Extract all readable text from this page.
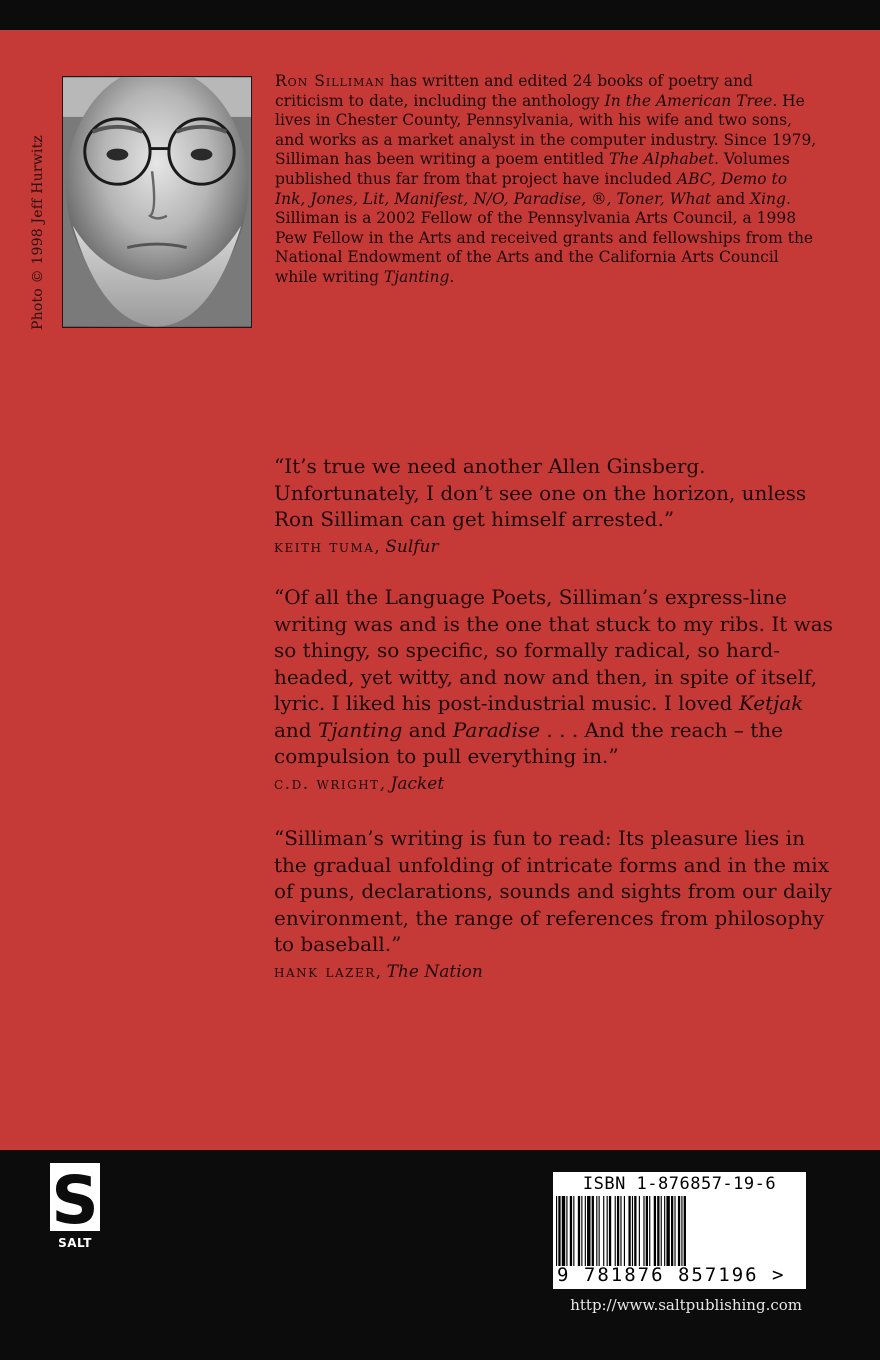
Photo © 1998 Jeff Hurwitz

Ron Silliman has written and edited 24 books of poetry and criticism to date, including the anthology In the American Tree. He lives in Chester County, Pennsylvania, with his wife and two sons, and works as a market analyst in the computer industry. Since 1979, Silliman has been writing a poem entitled The Alphabet. Volumes published thus far from that project have included ABC, Demo to Ink, Jones, Lit, Manifest, N/O, Paradise, ®, Toner, What and Xing. Silliman is a 2002 Fellow of the Pennsylvania Arts Council, a 1998 Pew Fellow in the Arts and received grants and fellowships from the National Endowment of the Arts and the California Arts Council while writing Tjanting.

“It’s true we need another Allen Ginsberg. Unfortunately, I don’t see one on the horizon, unless Ron Silliman can get himself arrested.”

keith tuma, Sulfur

“Of all the Language Poets, Silliman’s express-line writing was and is the one that stuck to my ribs. It was so thingy, so specific, so formally radical, so hard-headed, yet witty, and now and then, in spite of itself, lyric. I liked his post-industrial music. I loved Ketjak and Tjanting and Paradise . . . And the reach – the compulsion to pull everything in.”

c.d. wright, Jacket

“Silliman’s writing is fun to read: Its pleasure lies in the gradual unfolding of intricate forms and in the mix of puns, declarations, sounds and sights from our daily environment, the range of references from philosophy to baseball.”

hank lazer, The Nation
S
SALT
ISBN 1-876857-19-6
9 781876 857196 >
http://www.saltpublishing.com
